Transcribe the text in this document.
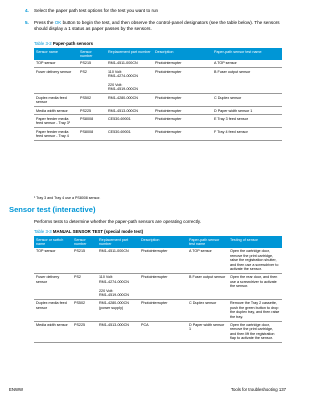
4. Select the paper path test options for the test you want to run
5. Press the OK button to begin the test, and then observe the control-panel designators (see the table below). The sensors should display a 1 status as paper passes by the sensors.
Table 3-2 Paper-path sensors
Sensor name	Sensor number	Replacement part number	Description	Paper-path sensor test name
TOP sensor	PS215	RM1-4511-000CN	Photointerrupter	A TOP sensor
Fuser delivery sensor	PS2	110 Volt:
RM1-4274-000CN

220 Volt:
RM1-4519-000CN	Photointerrupter	B Fuser output sensor
Duplex media feed sensor	PS502	RM1-4280-000CN	Photointerrupter	C Duplex sensor
Media width sensor	PS225	RM1-4513-000CN	Photointerrupter	D Paper width sensor 1
Paper feeder media feed sensor - Tray 3¹	PS8008	CE530-69001	Photointerrupter	E Tray 3 feed sensor
Paper feeder media feed sensor - Tray 4	PS8008	CE530-69001	Photointerrupter	F Tray 4 feed sensor
¹ Tray 3 and Tray 4 use a PS8008 sensor.
Sensor test (interactive)
Performs tests to determine whether the paper-path sensors are operating correctly.
Table 3-3 MANUAL SENSOR TEST (special mode test)
Sensor or switch name	Sensor number	Replacement part number	Description	Paper-path sensor test name	Testing of sensor
TOP sensor	PS215	RM1-4511-000CN	Photointerrupter	A TOP sensor	Open the cartridge door, remove the print cartridge, raise the registration shutter, and then use a screwdriver to activate the sensor.
Fuser delivery sensor	PS2	110 Volt:
RM1-4274-000CN

220 Volt:
RM1-4519-000CN	Photointerrupter	B Fuser output sensor	Open the rear door, and then use a screwdriver to activate the sensor.
Duplex media feed sensor	PS502	RM1-4280-000CN (power supply)	Photointerrupter	C Duplex sensor	Remove the Tray 2 cassette, push the green button to drop the duplex tray, and then raise the tray.
Media width sensor	PS225	RM1-4513-000CN	PCA	D Paper width sensor 1	Open the cartridge door, remove the print cartridge, and then lift the registration flap to activate the sensor.
ENWW	Tools for troubleshooting 137
